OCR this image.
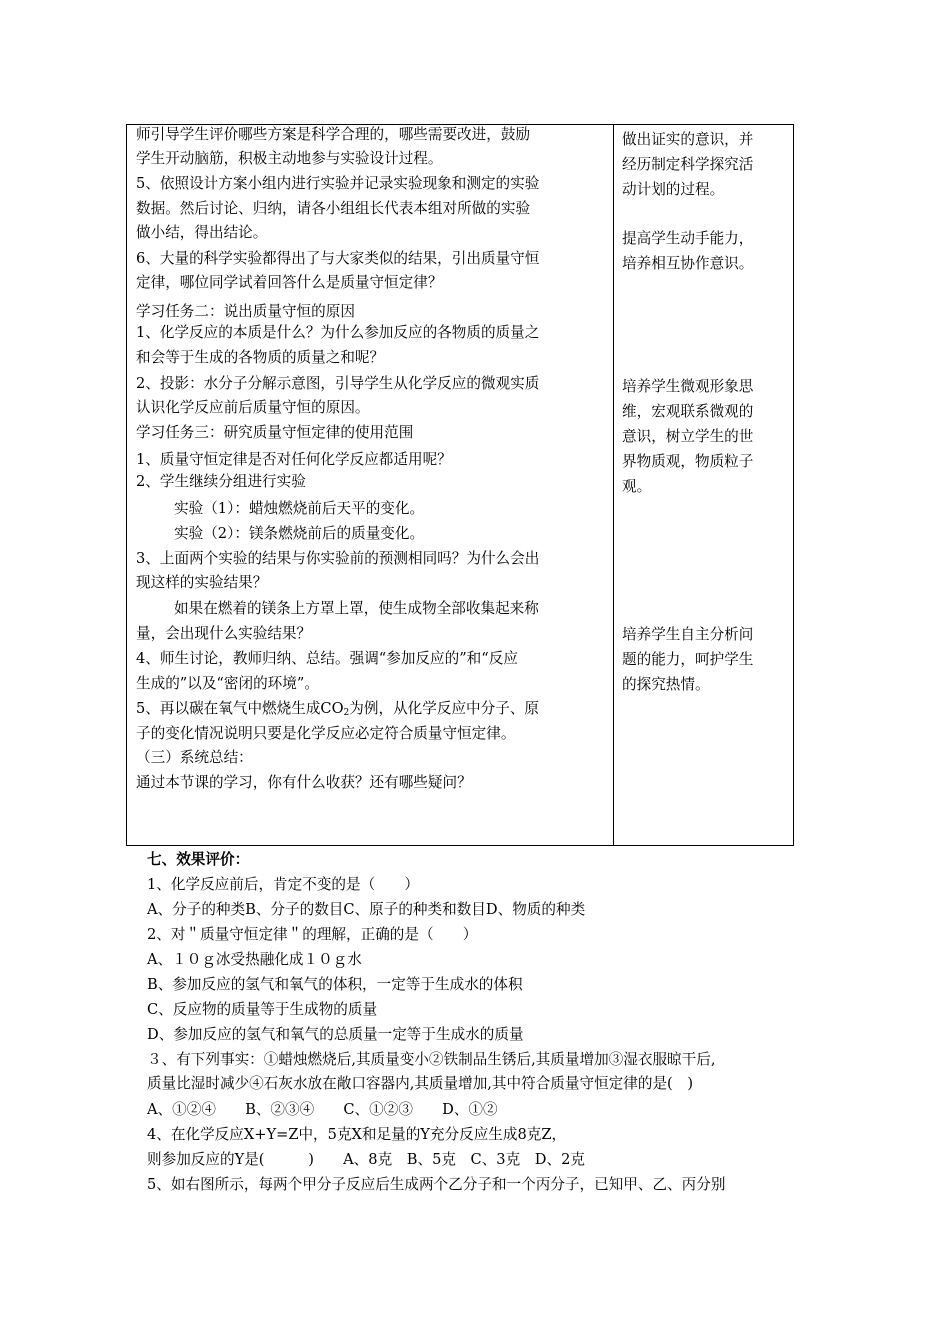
师引导学生评价哪些方案是科学合理的，哪些需要改进，鼓励
学生开动脑筋，积极主动地参与实验设计过程。
5、依照设计方案小组内进行实验并记录实验现象和测定的实验
数据。然后讨论、归纳，请各小组组长代表本组对所做的实验
做小结，得出结论。
6、大量的科学实验都得出了与大家类似的结果，引出质量守恒
定律，哪位同学试着回答什么是质量守恒定律？
学习任务二：说出质量守恒的原因
1、化学反应的本质是什么？为什么参加反应的各物质的质量之
和会等于生成的各物质的质量之和呢？
2、投影：水分子分解示意图，引导学生从化学反应的微观实质
认识化学反应前后质量守恒的原因。
学习任务三：研究质量守恒定律的使用范围
1、质量守恒定律是否对任何化学反应都适用呢？
2、学生继续分组进行实验
实验（1）：蜡烛燃烧前后天平的变化。
实验（2）：镁条燃烧前后的质量变化。
3、上面两个实验的结果与你实验前的预测相同吗？为什么会出
现这样的实验结果？
如果在燃着的镁条上方罩上罩，使生成物全部收集起来称
量，会出现什么实验结果？
4、师生讨论，教师归纳、总结。强调“参加反应的”和“反应
生成的”以及“密闭的环境”。
5、再以碳在氧气中燃烧生成$CO_2$为例，从化学反应中分子、原
子的变化情况说明只要是化学反应必定符合质量守恒定律。
（三）系统总结：
通过本节课的学习，你有什么收获？还有哪些疑问？
做出证实的意识，并
经历制定科学探究活
动计划的过程。
提高学生动手能力，
培养相互协作意识。
培养学生微观形象思
维，宏观联系微观的
意识，树立学生的世
界物质观，物质粒子
观。
培养学生自主分析问
题的能力，呵护学生
的探究热情。
七、效果评价：
1、化学反应前后，肯定不变的是（　　）
A、分子的种类B、分子的数目C、原子的种类和数目D、物质的种类
2、对＂质量守恒定律＂的理解，正确的是（　　）
A、１０ｇ冰受热融化成１０ｇ水
B、参加反应的氢气和氧气的体积，一定等于生成水的体积
C、反应物的质量等于生成物的质量
D、参加反应的氢气和氧气的总质量一定等于生成水的质量
３、有下列事实：①蜡烛燃烧后,其质量变小②铁制品生锈后,其质量增加③湿衣服晾干后,
质量比湿时减少④石灰水放在敞口容器内,其质量增加,其中符合质量守恒定律的是(　)
A、①②④　　B、②③④　　C、①②③　　D、①②
4、在化学反应X+Y=Z中，5克X和足量的Y充分反应生成8克Z，
则参加反应的Y是(　　　)　　A、8克　B、5克　C、3克　D、2克
5、如右图所示，每两个甲分子反应后生成两个乙分子和一个丙分子，已知甲、乙、丙分别
